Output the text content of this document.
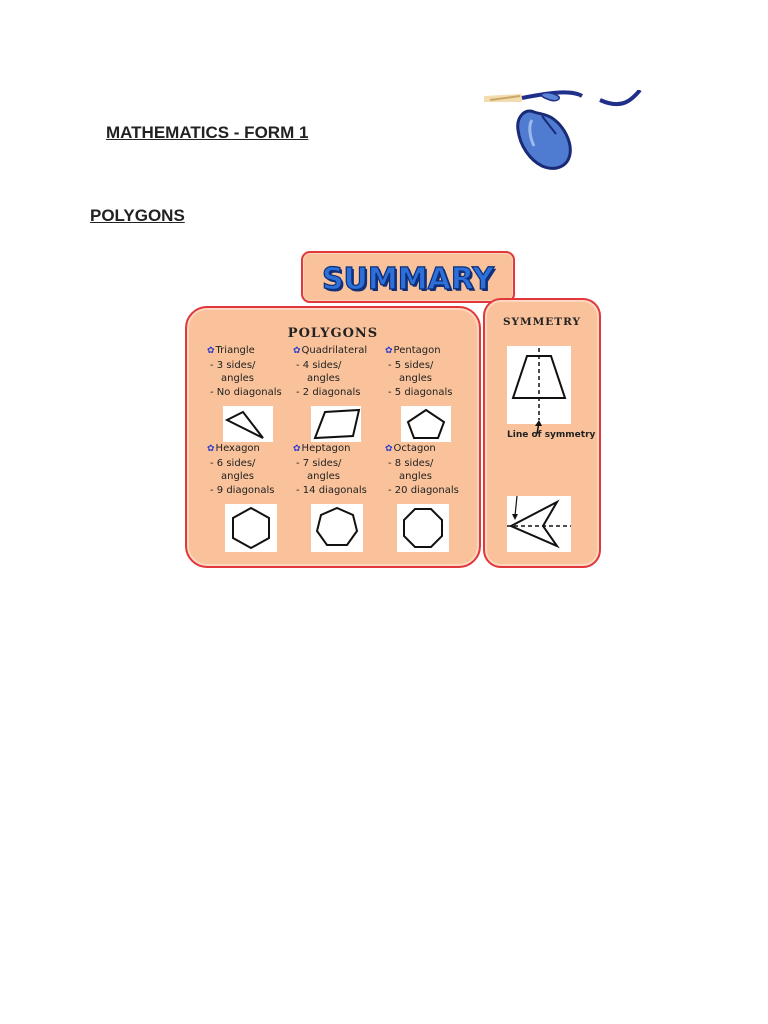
MATHEMATICS - FORM 1
POLYGONS
SUMMARY
POLYGONS
✿Triangle
- 3 sides/
angles
- No diagonals
✿Quadrilateral
- 4 sides/
angles
- 2 diagonals
✿Pentagon
- 5 sides/
angles
- 5 diagonals
✿Hexagon
- 6 sides/
angles
- 9 diagonals
✿Heptagon
- 7 sides/
angles
- 14 diagonals
✿Octagon
- 8 sides/
angles
- 20 diagonals
SYMMETRY
Line of symmetry
